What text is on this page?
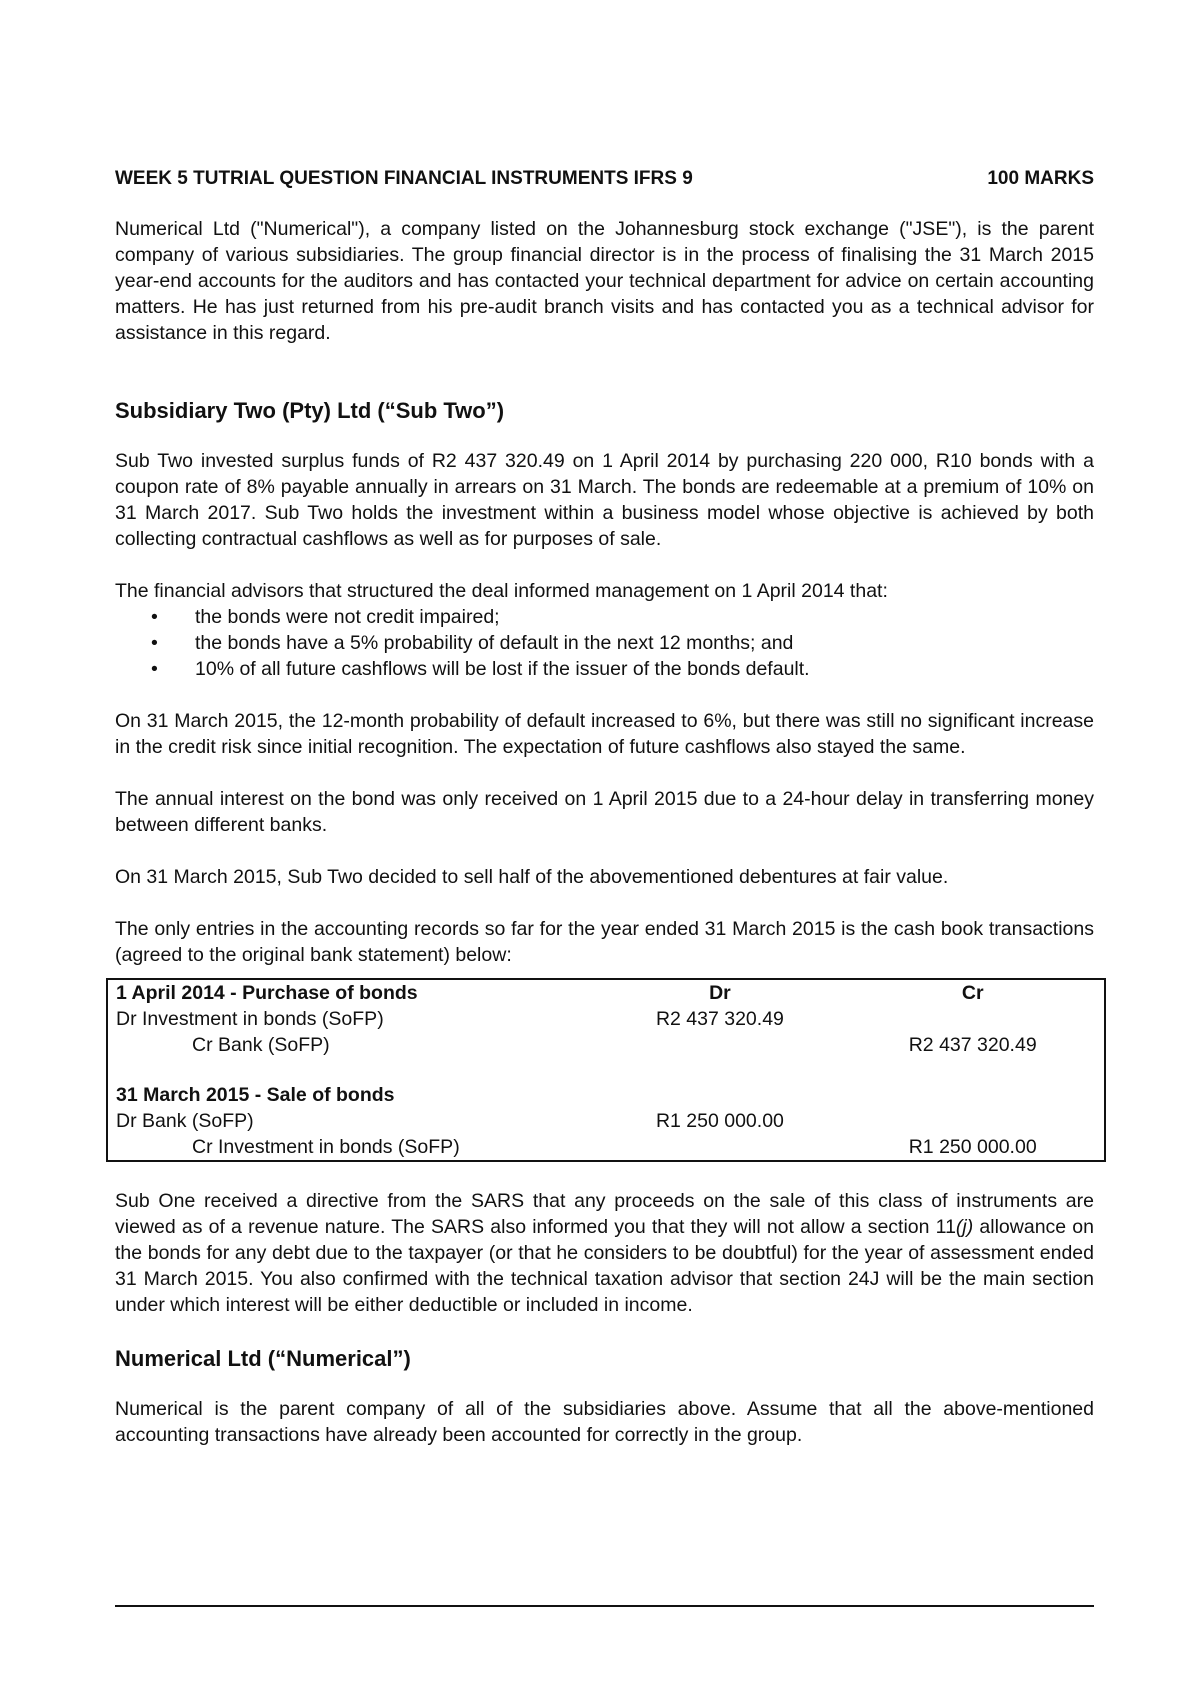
WEEK 5 TUTRIAL QUESTION FINANCIAL INSTRUMENTS IFRS 9	100 MARKS

Numerical Ltd ("Numerical"), a company listed on the Johannesburg stock exchange ("JSE"), is the parent company of various subsidiaries. The group financial director is in the process of finalising the 31 March 2015 year-end accounts for the auditors and has contacted your technical department for advice on certain accounting matters. He has just returned from his pre-audit branch visits and has contacted you as a technical advisor for assistance in this regard.

Subsidiary Two (Pty) Ltd (“Sub Two”)

Sub Two invested surplus funds of R2 437 320.49 on 1 April 2014 by purchasing 220 000, R10 bonds with a coupon rate of 8% payable annually in arrears on 31 March. The bonds are redeemable at a premium of 10% on 31 March 2017. Sub Two holds the investment within a business model whose objective is achieved by both collecting contractual cashflows as well as for purposes of sale.

The financial advisors that structured the deal informed management on 1 April 2014 that:

• the bonds were not credit impaired;
• the bonds have a 5% probability of default in the next 12 months; and
• 10% of all future cashflows will be lost if the issuer of the bonds default.

On 31 March 2015, the 12-month probability of default increased to 6%, but there was still no significant increase in the credit risk since initial recognition. The expectation of future cashflows also stayed the same.

The annual interest on the bond was only received on 1 April 2015 due to a 24-hour delay in transferring money between different banks.

On 31 March 2015, Sub Two decided to sell half of the abovementioned debentures at fair value.

The only entries in the accounting records so far for the year ended 31 March 2015 is the cash book transactions (agreed to the original bank statement) below:

1 April 2014 - Purchase of bonds	Dr	Cr
Dr Investment in bonds (SoFP)	R2 437 320.49	
Cr Bank (SoFP)		R2 437 320.49

31 March 2015 - Sale of bonds		
Dr Bank (SoFP)	R1 250 000.00	
Cr Investment in bonds (SoFP)		R1 250 000.00

Sub One received a directive from the SARS that any proceeds on the sale of this class of instruments are viewed as of a revenue nature. The SARS also informed you that they will not allow a section 11(j) allowance on the bonds for any debt due to the taxpayer (or that he considers to be doubtful) for the year of assessment ended 31 March 2015. You also confirmed with the technical taxation advisor that section 24J will be the main section under which interest will be either deductible or included in income.

Numerical Ltd (“Numerical”)

Numerical is the parent company of all of the subsidiaries above. Assume that all the above-mentioned accounting transactions have already been accounted for correctly in the group.
